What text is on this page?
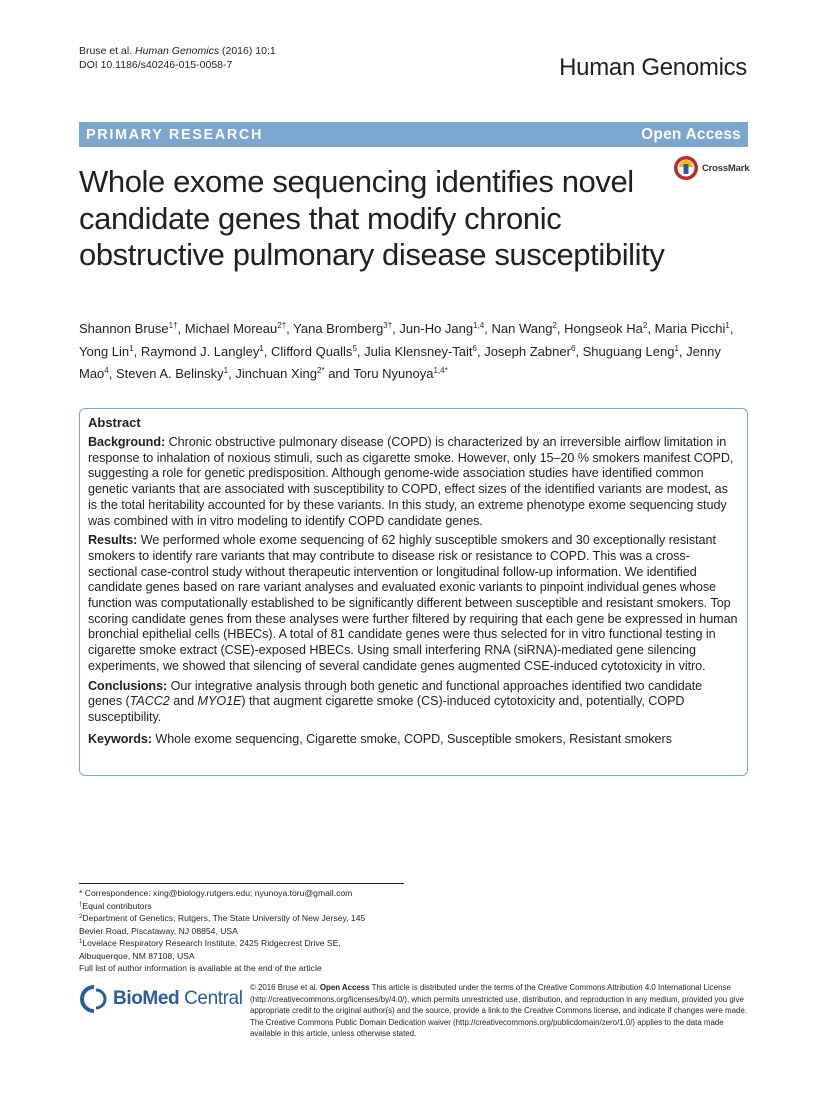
Bruse et al. Human Genomics (2016) 10:1
DOI 10.1186/s40246-015-0058-7	Human Genomics
PRIMARY RESEARCH	Open Access
CrossMark
Whole exome sequencing identifies novel candidate genes that modify chronic obstructive pulmonary disease susceptibility
Shannon Bruse$^{1\dagger}$, Michael Moreau$^{2\dagger}$, Yana Bromberg$^{3\dagger}$, Jun-Ho Jang$^{1,4}$, Nan Wang$^2$, Hongseok Ha$^2$, Maria Picchi$^1$, Yong Lin$^1$, Raymond J. Langley$^1$, Clifford Qualls$^5$, Julia Klensney-Tait$^6$, Joseph Zabner$^6$, Shuguang Leng$^1$, Jenny Mao$^4$, Steven A. Belinsky$^1$, Jinchuan Xing$^{2*}$ and Toru Nyunoya$^{1,4*}$
Abstract

Background: Chronic obstructive pulmonary disease (COPD) is characterized by an irreversible airflow limitation in response to inhalation of noxious stimuli, such as cigarette smoke. However, only 15–20 % smokers manifest COPD, suggesting a role for genetic predisposition. Although genome-wide association studies have identified common genetic variants that are associated with susceptibility to COPD, effect sizes of the identified variants are modest, as is the total heritability accounted for by these variants. In this study, an extreme phenotype exome sequencing study was combined with in vitro modeling to identify COPD candidate genes.

Results: We performed whole exome sequencing of 62 highly susceptible smokers and 30 exceptionally resistant smokers to identify rare variants that may contribute to disease risk or resistance to COPD. This was a cross-sectional case-control study without therapeutic intervention or longitudinal follow-up information. We identified candidate genes based on rare variant analyses and evaluated exonic variants to pinpoint individual genes whose function was computationally established to be significantly different between susceptible and resistant smokers. Top scoring candidate genes from these analyses were further filtered by requiring that each gene be expressed in human bronchial epithelial cells (HBECs). A total of 81 candidate genes were thus selected for in vitro functional testing in cigarette smoke extract (CSE)-exposed HBECs. Using small interfering RNA (siRNA)-mediated gene silencing experiments, we showed that silencing of several candidate genes augmented CSE-induced cytotoxicity in vitro.

Conclusions: Our integrative analysis through both genetic and functional approaches identified two candidate genes (TACC2 and MYO1E) that augment cigarette smoke (CS)-induced cytotoxicity and, potentially, COPD susceptibility.

Keywords: Whole exome sequencing, Cigarette smoke, COPD, Susceptible smokers, Resistant smokers

* Correspondence: xing@biology.rutgers.edu; nyunoya.toru@gmail.com
†Equal contributors
$^2$Department of Genetics, Rutgers, The State University of New Jersey, 145
Bevier Road, Piscataway, NJ 08854, USA
$^1$Lovelace Respiratory Research Institute, 2425 Ridgecrest Drive SE,
Albuquerque, NM 87108, USA
Full list of author information is available at the end of the article
BioMed Central
© 2016 Bruse et al. Open Access This article is distributed under the terms of the Creative Commons Attribution 4.0 International License (http://creativecommons.org/licenses/by/4.0/), which permits unrestricted use, distribution, and reproduction in any medium, provided you give appropriate credit to the original author(s) and the source, provide a link to the Creative Commons license, and indicate if changes were made. The Creative Commons Public Domain Dedication waiver (http://creativecommons.org/publicdomain/zero/1.0/) applies to the data made available in this article, unless otherwise stated.
